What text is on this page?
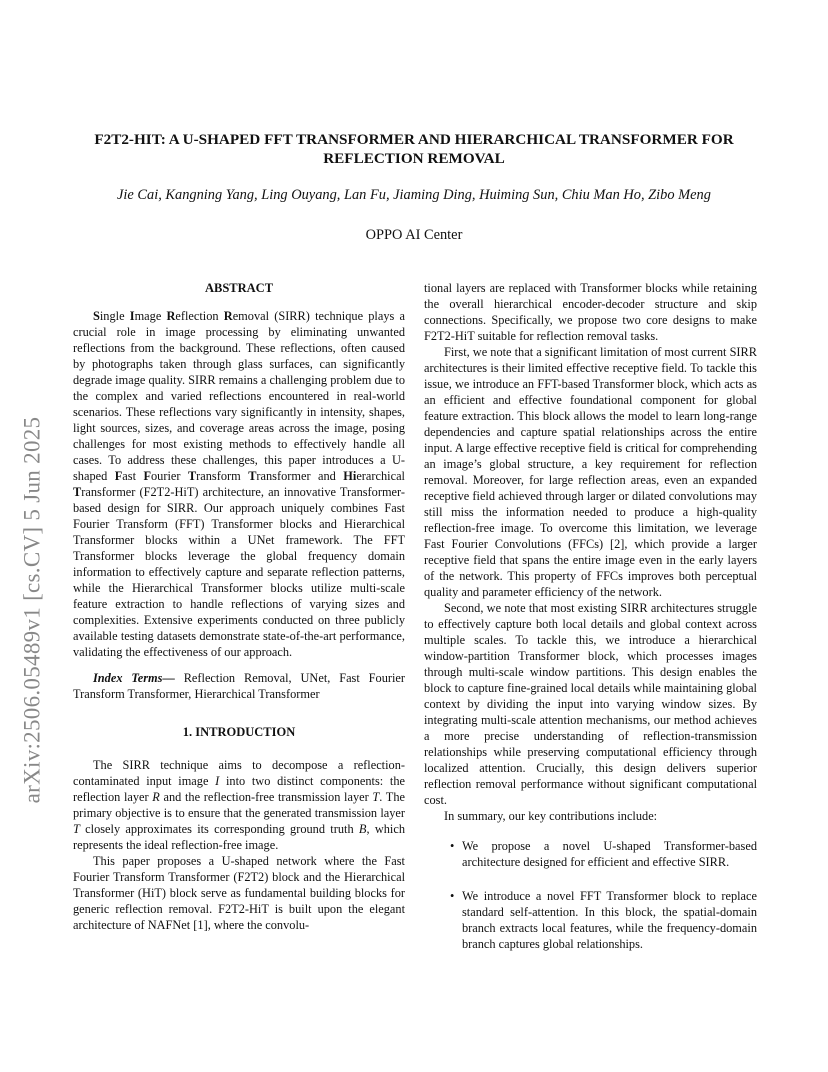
arXiv:2506.05489v1 [cs.CV] 5 Jun 2025
F2T2-HIT: A U-SHAPED FFT TRANSFORMER AND HIERARCHICAL TRANSFORMER FOR REFLECTION REMOVAL
Jie Cai, Kangning Yang, Ling Ouyang, Lan Fu, Jiaming Ding, Huiming Sun, Chiu Man Ho, Zibo Meng
OPPO AI Center
ABSTRACT

Single Image Reflection Removal (SIRR) technique plays a crucial role in image processing by eliminating unwanted reflections from the background. These reflections, often caused by photographs taken through glass surfaces, can significantly degrade image quality. SIRR remains a challenging problem due to the complex and varied reflections encountered in real-world scenarios. These reflections vary significantly in intensity, shapes, light sources, sizes, and coverage areas across the image, posing challenges for most existing methods to effectively handle all cases. To address these challenges, this paper introduces a U-shaped Fast Fourier Transform Transformer and Hierarchical Transformer (F2T2-HiT) architecture, an innovative Transformer-based design for SIRR. Our approach uniquely combines Fast Fourier Transform (FFT) Transformer blocks and Hierarchical Transformer blocks within a UNet framework. The FFT Transformer blocks leverage the global frequency domain information to effectively capture and separate reflection patterns, while the Hierarchical Transformer blocks utilize multi-scale feature extraction to handle reflections of varying sizes and complexities. Extensive experiments conducted on three publicly available testing datasets demonstrate state-of-the-art performance, validating the effectiveness of our approach.

Index Terms— Reflection Removal, UNet, Fast Fourier Transform Transformer, Hierarchical Transformer

1. INTRODUCTION

The SIRR technique aims to decompose a reflection-contaminated input image I into two distinct components: the reflection layer R and the reflection-free transmission layer T. The primary objective is to ensure that the generated transmission layer T closely approximates its corresponding ground truth B, which represents the ideal reflection-free image.

This paper proposes a U-shaped network where the Fast Fourier Transform Transformer (F2T2) block and the Hierarchical Transformer (HiT) block serve as fundamental building blocks for generic reflection removal. F2T2-HiT is built upon the elegant architecture of NAFNet [1], where the convolu-

tional layers are replaced with Transformer blocks while retaining the overall hierarchical encoder-decoder structure and skip connections. Specifically, we propose two core designs to make F2T2-HiT suitable for reflection removal tasks.

First, we note that a significant limitation of most current SIRR architectures is their limited effective receptive field. To tackle this issue, we introduce an FFT-based Transformer block, which acts as an efficient and effective foundational component for global feature extraction. This block allows the model to learn long-range dependencies and capture spatial relationships across the entire input. A large effective receptive field is critical for comprehending an image’s global structure, a key requirement for reflection removal. Moreover, for large reflection areas, even an expanded receptive field achieved through larger or dilated convolutions may still miss the information needed to produce a high-quality reflection-free image. To overcome this limitation, we leverage Fast Fourier Convolutions (FFCs) [2], which provide a larger receptive field that spans the entire image even in the early layers of the network. This property of FFCs improves both perceptual quality and parameter efficiency of the network.

Second, we note that most existing SIRR architectures struggle to effectively capture both local details and global context across multiple scales. To tackle this, we introduce a hierarchical window-partition Transformer block, which processes images through multi-scale window partitions. This design enables the block to capture fine-grained local details while maintaining global context by dividing the input into varying window sizes. By integrating multi-scale attention mechanisms, our method achieves a more precise understanding of reflection-transmission relationships while preserving computational efficiency through localized attention. Crucially, this design delivers superior reflection removal performance without significant computational cost.

In summary, our key contributions include:

• We propose a novel U-shaped Transformer-based architecture designed for efficient and effective SIRR.
• We introduce a novel FFT Transformer block to replace standard self-attention. In this block, the spatial-domain branch extracts local features, while the frequency-domain branch captures global relationships.
